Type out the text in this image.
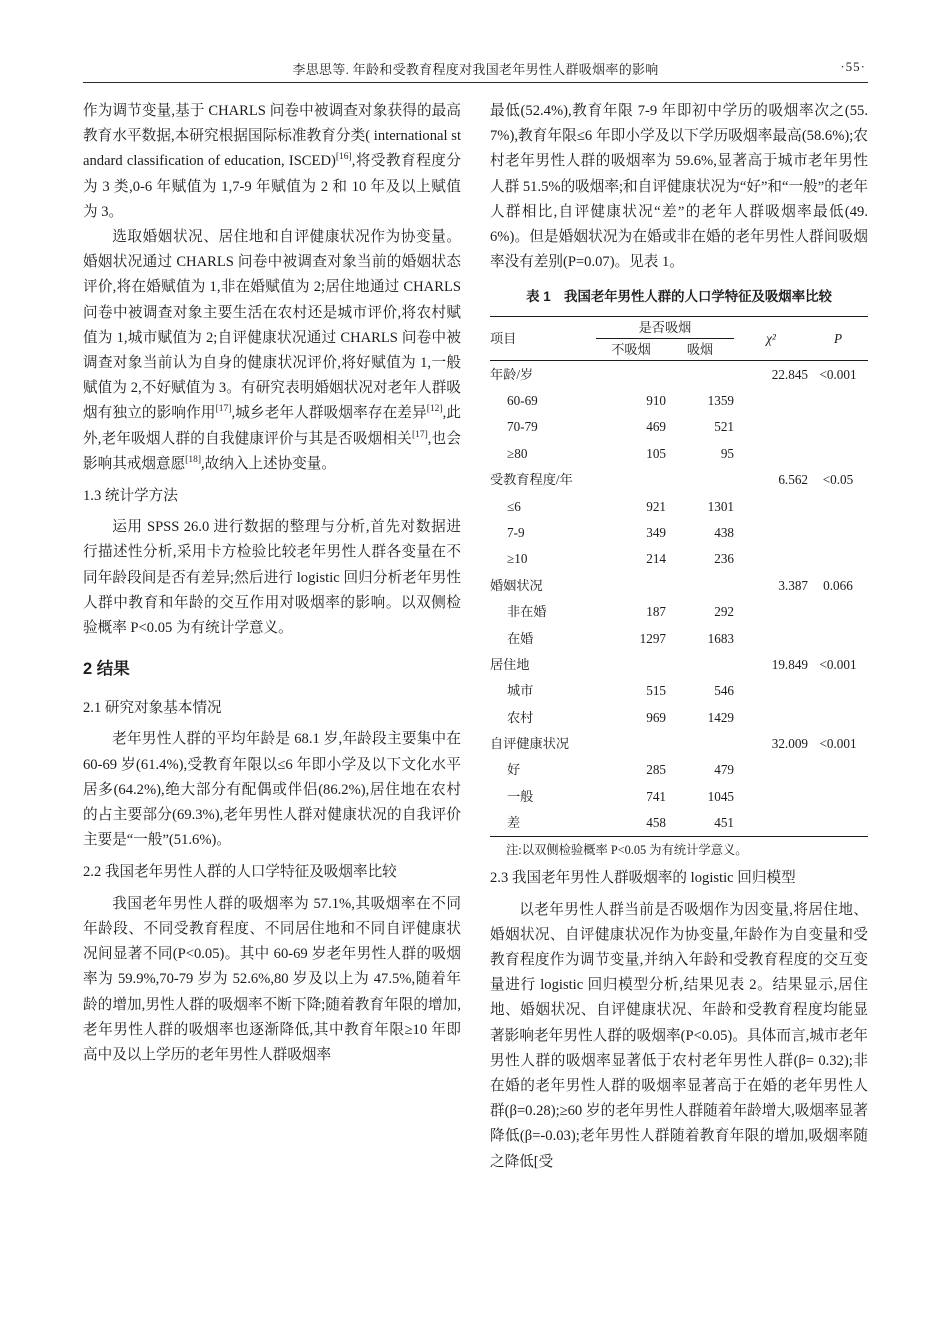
李思思等. 年龄和受教育程度对我国老年男性人群吸烟率的影响	·55·

作为调节变量,基于 CHARLS 问卷中被调查对象获得的最高教育水平数据,本研究根据国际标准教育分类( international standard classification of education, ISCED)[16],将受教育程度分为 3 类,0-6 年赋值为 1,7-9 年赋值为 2 和 10 年及以上赋值为 3。

选取婚姻状况、居住地和自评健康状况作为协变量。婚姻状况通过 CHARLS 问卷中被调查对象当前的婚姻状态评价,将在婚赋值为 1,非在婚赋值为 2;居住地通过 CHARLS 问卷中被调查对象主要生活在农村还是城市评价,将农村赋值为 1,城市赋值为 2;自评健康状况通过 CHARLS 问卷中被调查对象当前认为自身的健康状况评价,将好赋值为 1,一般赋值为 2,不好赋值为 3。有研究表明婚姻状况对老年人群吸烟有独立的影响作用[17],城乡老年人群吸烟率存在差异[12],此外,老年吸烟人群的自我健康评价与其是否吸烟相关[17],也会影响其戒烟意愿[18],故纳入上述协变量。

1.3 统计学方法

运用 SPSS 26.0 进行数据的整理与分析,首先对数据进行描述性分析,采用卡方检验比较老年男性人群各变量在不同年龄段间是否有差异;然后进行 logistic 回归分析老年男性人群中教育和年龄的交互作用对吸烟率的影响。以双侧检验概率 P<0.05 为有统计学意义。

2 结果
2.1 研究对象基本情况

老年男性人群的平均年龄是 68.1 岁,年龄段主要集中在 60-69 岁(61.4%),受教育年限以≤6 年即小学及以下文化水平居多(64.2%),绝大部分有配偶或伴侣(86.2%),居住地在农村的占主要部分(69.3%),老年男性人群对健康状况的自我评价主要是“一般”(51.6%)。

2.2 我国老年男性人群的人口学特征及吸烟率比较

我国老年男性人群的吸烟率为 57.1%,其吸烟率在不同年龄段、不同受教育程度、不同居住地和不同自评健康状况间显著不同(P<0.05)。其中 60-69 岁老年男性人群的吸烟率为 59.9%,70-79 岁为 52.6%,80 岁及以上为 47.5%,随着年龄的增加,男性人群的吸烟率不断下降;随着教育年限的增加,老年男性人群的吸烟率也逐渐降低,其中教育年限≥10 年即高中及以上学历的老年男性人群吸烟率

最低(52.4%),教育年限 7-9 年即初中学历的吸烟率次之(55.7%),教育年限≤6 年即小学及以下学历吸烟率最高(58.6%);农村老年男性人群的吸烟率为 59.6%,显著高于城市老年男性人群 51.5%的吸烟率;和自评健康状况为“好”和“一般”的老年人群相比,自评健康状况“差”的老年人群吸烟率最低(49.6%)。但是婚姻状况为在婚或非在婚的老年男性人群间吸烟率没有差别(P=0.07)。见表 1。

表 1　我国老年男性人群的人口学特征及吸烟率比较
项目	是否吸烟		χ²	P
	不吸烟	吸烟		
年龄/岁			22.845	<0.001
60-69	910	1359		
70-79	469	521		
≥80	105	95		
受教育程度/年			6.562	<0.05
≤6	921	1301		
7-9	349	438		
≥10	214	236		
婚姻状况			3.387	0.066
非在婚	187	292		
在婚	1297	1683		
居住地			19.849	<0.001
城市	515	546		
农村	969	1429		
自评健康状况			32.009	<0.001
好	285	479		
一般	741	1045		
差	458	451		
注:以双侧检验概率 P<0.05 为有统计学意义。
2.3 我国老年男性人群吸烟率的 logistic 回归模型

以老年男性人群当前是否吸烟作为因变量,将居住地、婚姻状况、自评健康状况作为协变量,年龄作为自变量和受教育程度作为调节变量,并纳入年龄和受教育程度的交互变量进行 logistic 回归模型分析,结果见表 2。结果显示,居住地、婚姻状况、自评健康状况、年龄和受教育程度均能显著影响老年男性人群的吸烟率(P<0.05)。具体而言,城市老年男性人群的吸烟率显著低于农村老年男性人群(β= 0.32);非在婚的老年男性人群的吸烟率显著高于在婚的老年男性人群(β=0.28);≥60 岁的老年男性人群随着年龄增大,吸烟率显著降低(β=-0.03);老年男性人群随着教育年限的增加,吸烟率随之降低[受
